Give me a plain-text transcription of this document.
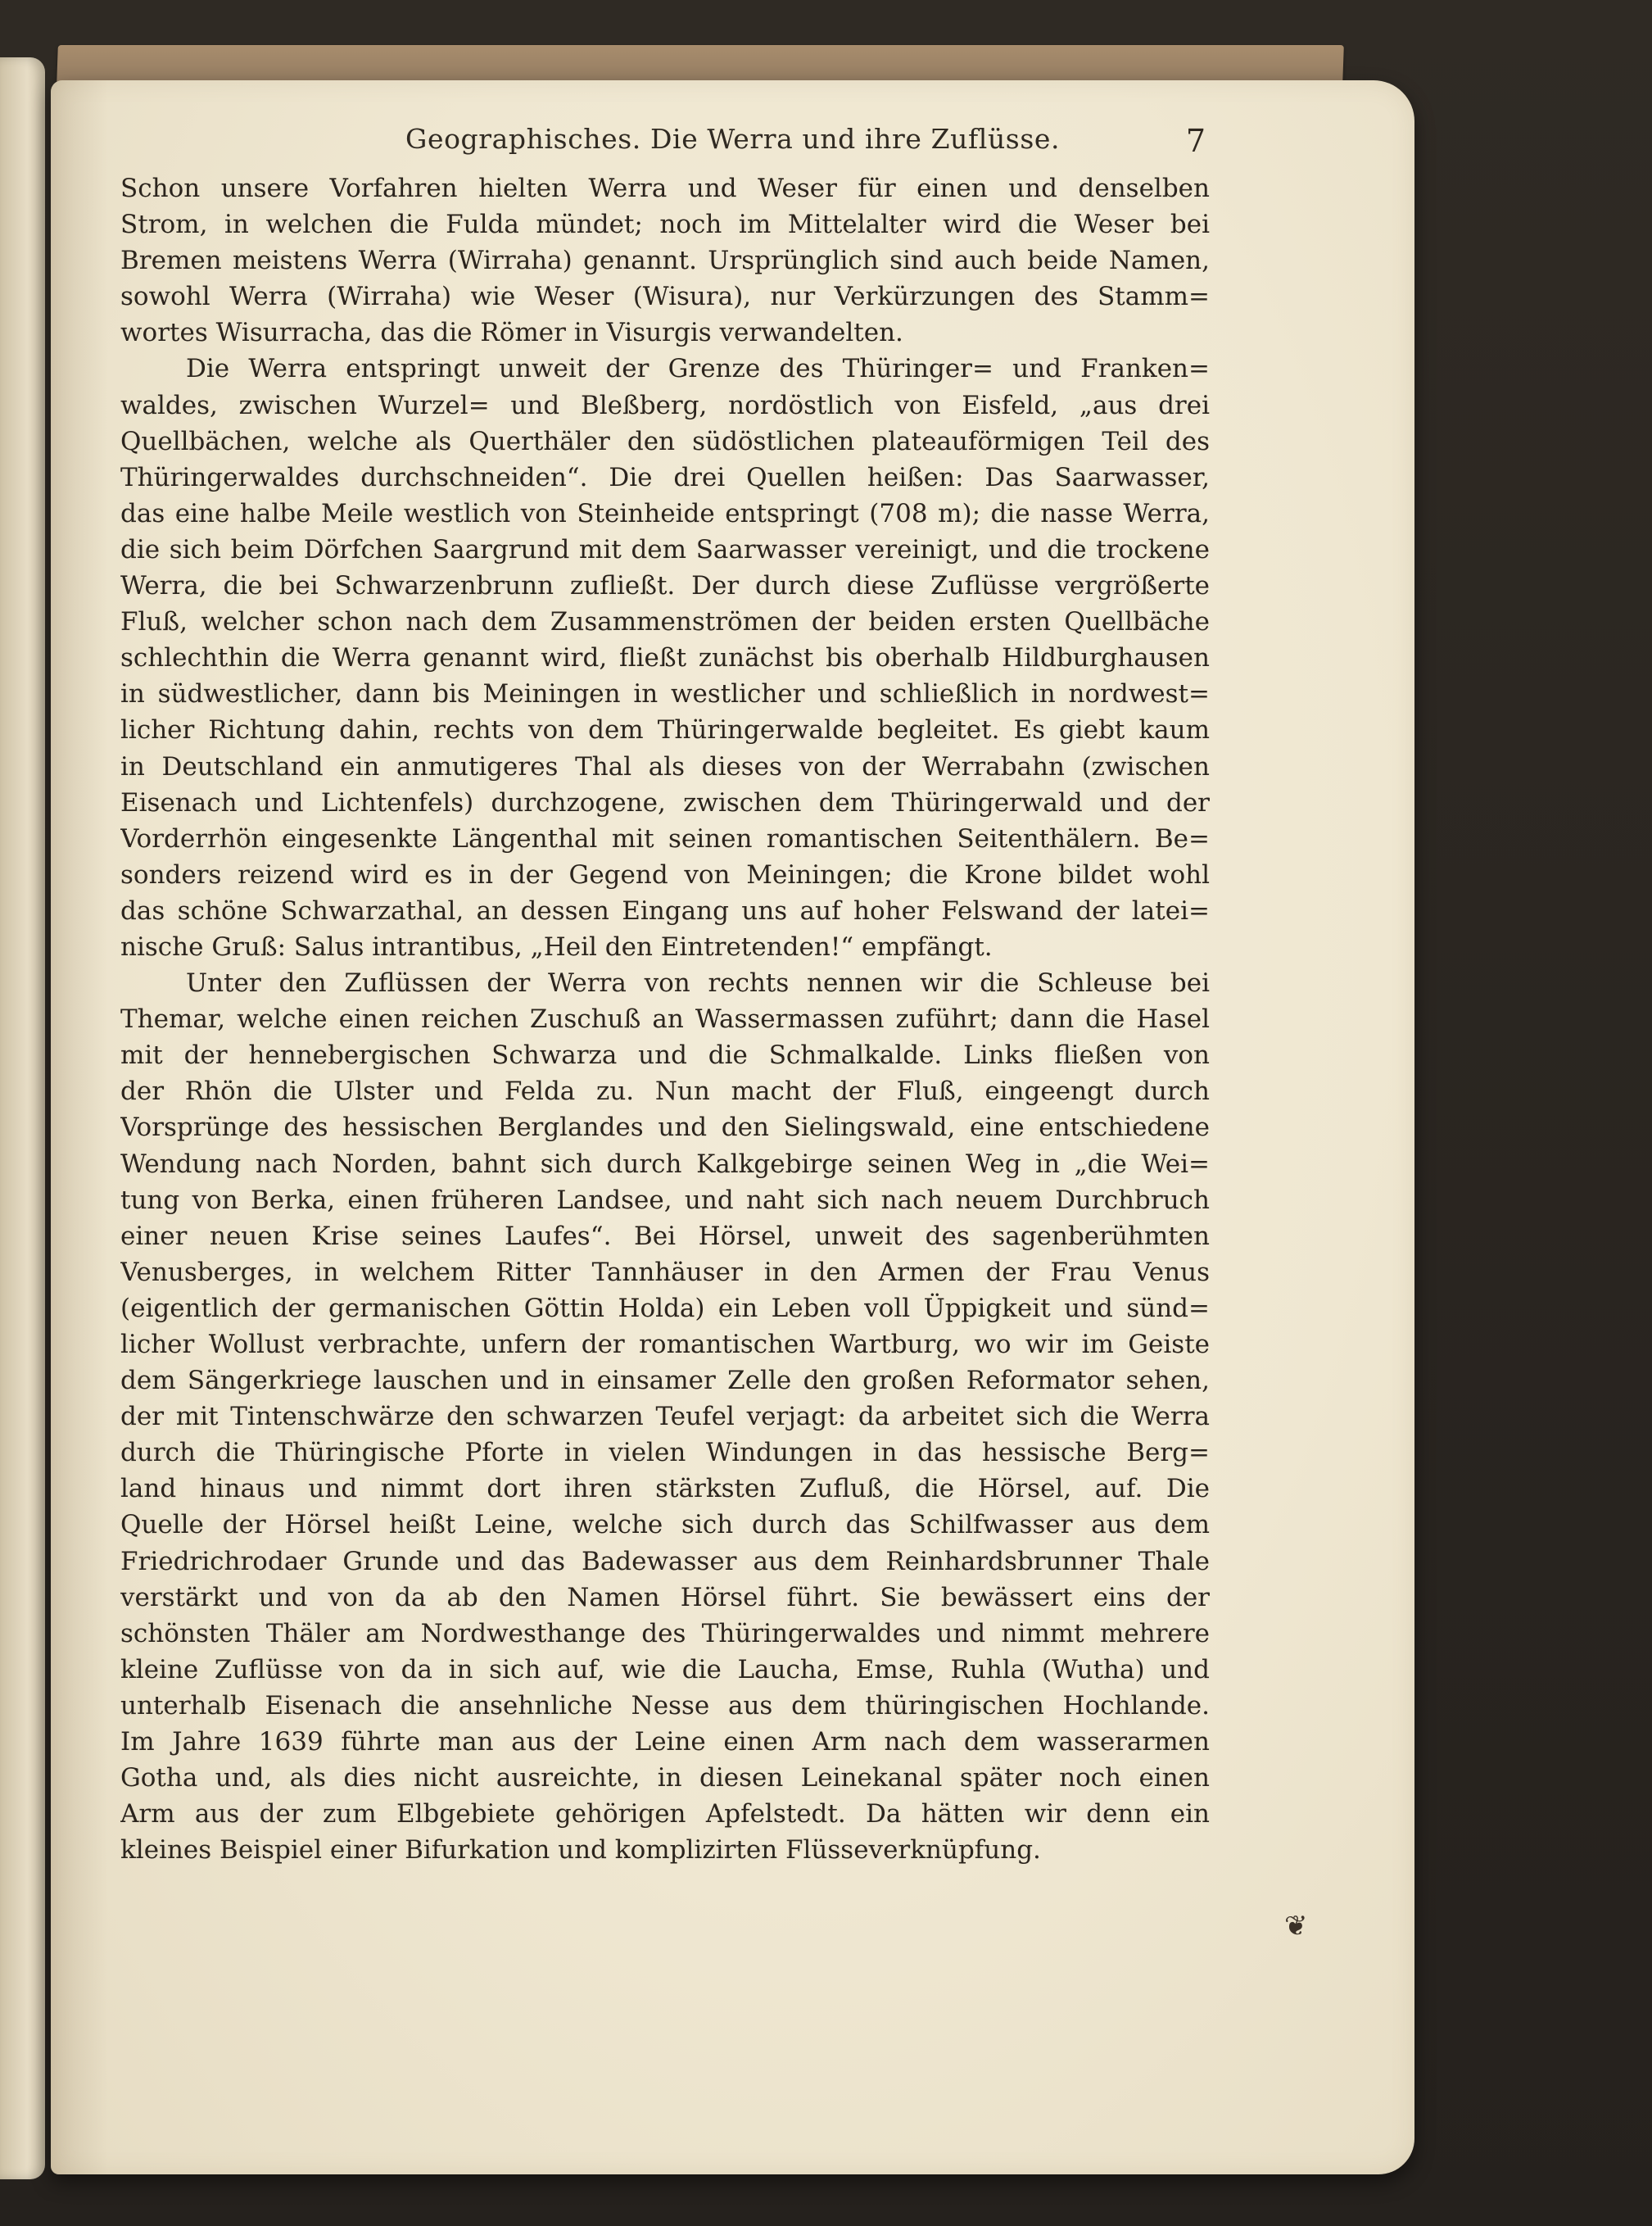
Geographisches. Die Werra und ihre Zuflüsse.	7
Schon unsere Vorfahren hielten Werra und Weser für einen und denselben
Strom, in welchen die Fulda mündet; noch im Mittelalter wird die Weser bei
Bremen meistens Werra (Wirraha) genannt. Ursprünglich sind auch beide Namen,
sowohl Werra (Wirraha) wie Weser (Wisura), nur Verkürzungen des Stamm=
wortes Wisurracha, das die Römer in Visurgis verwandelten.
Die Werra entspringt unweit der Grenze des Thüringer= und Franken=
waldes, zwischen Wurzel= und Bleßberg, nordöstlich von Eisfeld, „aus drei
Quellbächen, welche als Querthäler den südöstlichen plateauförmigen Teil des
Thüringerwaldes durchschneiden“. Die drei Quellen heißen: Das Saarwasser,
das eine halbe Meile westlich von Steinheide entspringt (708 m); die nasse Werra,
die sich beim Dörfchen Saargrund mit dem Saarwasser vereinigt, und die trockene
Werra, die bei Schwarzenbrunn zufließt. Der durch diese Zuflüsse vergrößerte
Fluß, welcher schon nach dem Zusammenströmen der beiden ersten Quellbäche
schlechthin die Werra genannt wird, fließt zunächst bis oberhalb Hildburghausen
in südwestlicher, dann bis Meiningen in westlicher und schließlich in nordwest=
licher Richtung dahin, rechts von dem Thüringerwalde begleitet. Es giebt kaum
in Deutschland ein anmutigeres Thal als dieses von der Werrabahn (zwischen
Eisenach und Lichtenfels) durchzogene, zwischen dem Thüringerwald und der
Vorderrhön eingesenkte Längenthal mit seinen romantischen Seitenthälern. Be=
sonders reizend wird es in der Gegend von Meiningen; die Krone bildet wohl
das schöne Schwarzathal, an dessen Eingang uns auf hoher Felswand der latei=
nische Gruß: Salus intrantibus, „Heil den Eintretenden!“ empfängt.
Unter den Zuflüssen der Werra von rechts nennen wir die Schleuse bei
Themar, welche einen reichen Zuschuß an Wassermassen zuführt; dann die Hasel
mit der hennebergischen Schwarza und die Schmalkalde. Links fließen von
der Rhön die Ulster und Felda zu. Nun macht der Fluß, eingeengt durch
Vorsprünge des hessischen Berglandes und den Sielingswald, eine entschiedene
Wendung nach Norden, bahnt sich durch Kalkgebirge seinen Weg in „die Wei=
tung von Berka, einen früheren Landsee, und naht sich nach neuem Durchbruch
einer neuen Krise seines Laufes“. Bei Hörsel, unweit des sagenberühmten
Venusberges, in welchem Ritter Tannhäuser in den Armen der Frau Venus
(eigentlich der germanischen Göttin Holda) ein Leben voll Üppigkeit und sünd=
licher Wollust verbrachte, unfern der romantischen Wartburg, wo wir im Geiste
dem Sängerkriege lauschen und in einsamer Zelle den großen Reformator sehen,
der mit Tintenschwärze den schwarzen Teufel verjagt: da arbeitet sich die Werra
durch die Thüringische Pforte in vielen Windungen in das hessische Berg=
land hinaus und nimmt dort ihren stärksten Zufluß, die Hörsel, auf. Die
Quelle der Hörsel heißt Leine, welche sich durch das Schilfwasser aus dem
Friedrichrodaer Grunde und das Badewasser aus dem Reinhardsbrunner Thale
verstärkt und von da ab den Namen Hörsel führt. Sie bewässert eins der
schönsten Thäler am Nordwesthange des Thüringerwaldes und nimmt mehrere
kleine Zuflüsse von da in sich auf, wie die Laucha, Emse, Ruhla (Wutha) und
unterhalb Eisenach die ansehnliche Nesse aus dem thüringischen Hochlande.
Im Jahre 1639 führte man aus der Leine einen Arm nach dem wasserarmen
Gotha und, als dies nicht ausreichte, in diesen Leinekanal später noch einen
Arm aus der zum Elbgebiete gehörigen Apfelstedt. Da hätten wir denn ein
kleines Beispiel einer Bifurkation und komplizirten Flüsseverknüpfung.
❦
